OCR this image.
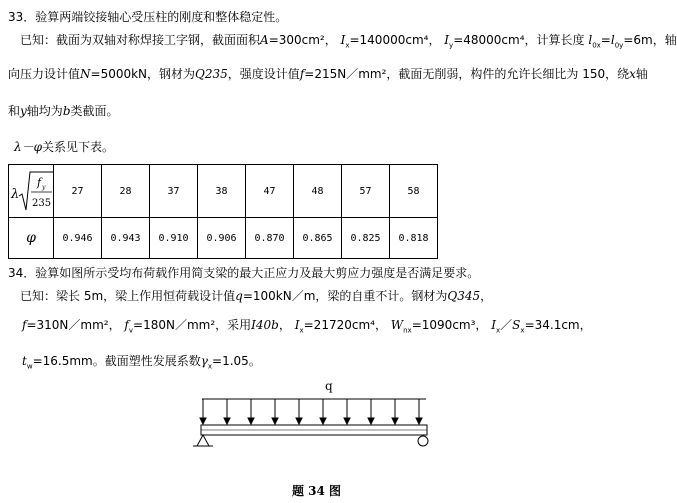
33．验算两端铰接轴心受压柱的刚度和整体稳定性。
已知：截面为双轴对称焊接工字钢，截面面积A=300cm²， $I_x=140000cm^4$， $I_y=48000cm^4$，计算长度 $l_{0x}=l_{0y}=6m$，轴
向压力设计值N=5000kN，钢材为Q235，强度设计值f=215N／mm²，截面无削弱，构件的允许长细比为 150，绕x轴
和y轴均为b类截面。
λ－φ关系见下表。
λ
f y
235	27	28	37	38	47	48	57	58
φ	0.946	0.943	0.910	0.906	0.870	0.865	0.825	0.818
34．验算如图所示受均布荷载作用简支梁的最大正应力及最大剪应力强度是否满足要求。
已知：梁长 5m，梁上作用恒荷载设计值q=100kN／m，梁的自重不计。钢材为Q345，
f=310N／mm²， $f_v=180N/mm^2$，采用I40b， $I_x=21720cm^4$， $W_{nx}=1090cm^3$， $I_x/S_x=34.1cm$，
$t_w=16.5mm$。截面塑性发展系数$\gamma_x=1.05$。
q
题 34 图
